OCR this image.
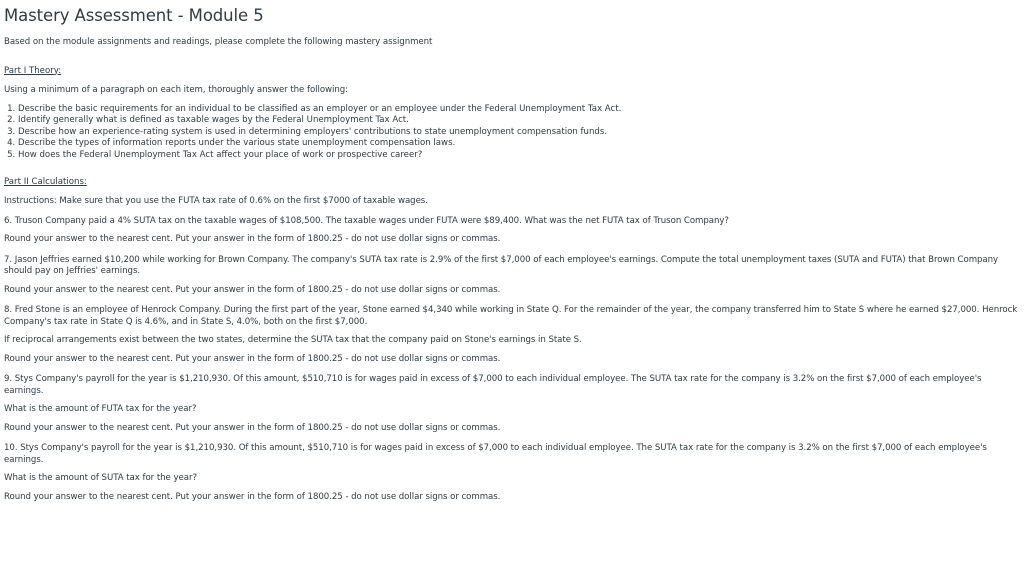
Mastery Assessment - Module 5

Based on the module assignments and readings, please complete the following mastery assignment

Part I Theory:

Using a minimum of a paragraph on each item, thoroughly answer the following:

1. Describe the basic requirements for an individual to be classified as an employer or an employee under the Federal Unemployment Tax Act.
2. Identify generally what is defined as taxable wages by the Federal Unemployment Tax Act.
3. Describe how an experience-rating system is used in determining employers' contributions to state unemployment compensation funds.
4. Describe the types of information reports under the various state unemployment compensation laws.
5. How does the Federal Unemployment Tax Act affect your place of work or prospective career?
Part II Calculations:

Instructions: Make sure that you use the FUTA tax rate of 0.6% on the first $7000 of taxable wages.

6. Truson Company paid a 4% SUTA tax on the taxable wages of $108,500. The taxable wages under FUTA were $89,400. What was the net FUTA tax of Truson Company?

Round your answer to the nearest cent. Put your answer in the form of 1800.25 - do not use dollar signs or commas.

7. Jason Jeffries earned $10,200 while working for Brown Company. The company's SUTA tax rate is 2.9% of the first $7,000 of each employee's earnings. Compute the total unemployment taxes (SUTA and FUTA) that Brown Company should pay on Jeffries' earnings.

Round your answer to the nearest cent. Put your answer in the form of 1800.25 - do not use dollar signs or commas.

8. Fred Stone is an employee of Henrock Company. During the first part of the year, Stone earned $4,340 while working in State Q. For the remainder of the year, the company transferred him to State S where he earned $27,000. Henrock Company's tax rate in State Q is 4.6%, and in State S, 4.0%, both on the first $7,000.

If reciprocal arrangements exist between the two states, determine the SUTA tax that the company paid on Stone's earnings in State S.

Round your answer to the nearest cent. Put your answer in the form of 1800.25 - do not use dollar signs or commas.

9. Stys Company's payroll for the year is $1,210,930. Of this amount, $510,710 is for wages paid in excess of $7,000 to each individual employee. The SUTA tax rate for the company is 3.2% on the first $7,000 of each employee's earnings.

What is the amount of FUTA tax for the year?

Round your answer to the nearest cent. Put your answer in the form of 1800.25 - do not use dollar signs or commas.

10. Stys Company's payroll for the year is $1,210,930. Of this amount, $510,710 is for wages paid in excess of $7,000 to each individual employee. The SUTA tax rate for the company is 3.2% on the first $7,000 of each employee's earnings.

What is the amount of SUTA tax for the year?

Round your answer to the nearest cent. Put your answer in the form of 1800.25 - do not use dollar signs or commas.
